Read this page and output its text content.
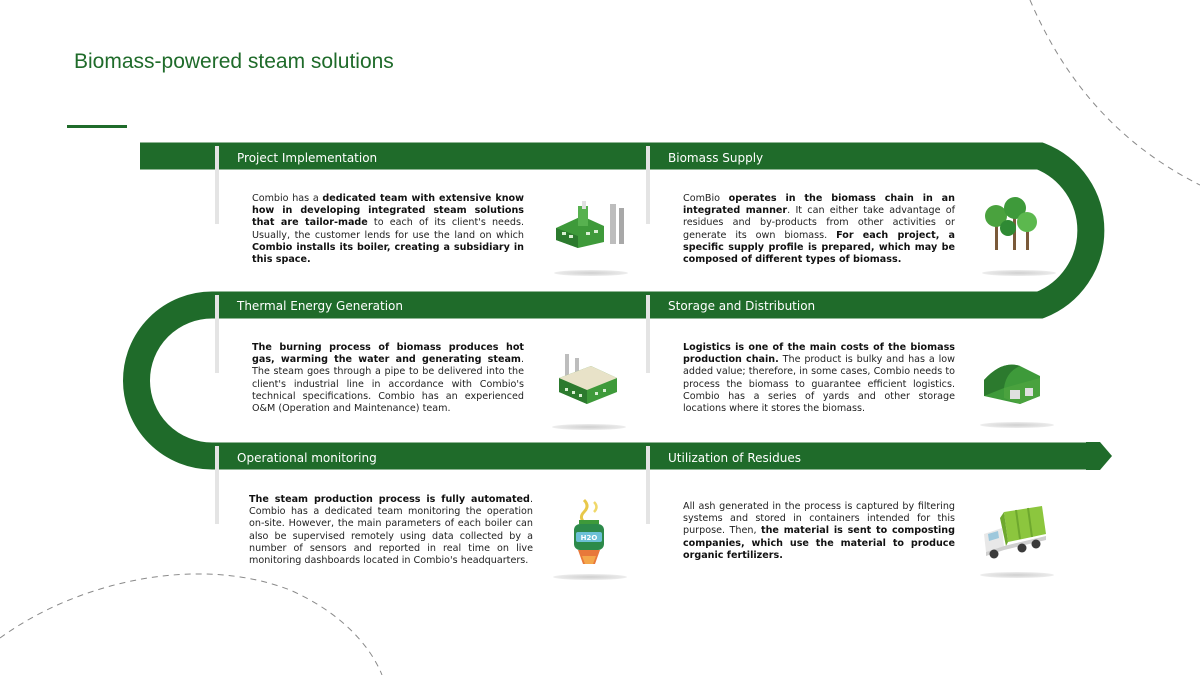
Biomass-powered steam solutions
Project Implementation	Biomass Supply
Thermal Energy Generation	Storage and Distribution
Operational monitoring	Utilization of Residues
Combio has a dedicated team with extensive know how in developing integrated steam solutions that are tailor-made to each of its client's needs. Usually, the customer lends for use the land on which Combio installs its boiler, creating a subsidiary in this space.
ComBio operates in the biomass chain in an integrated manner. It can either take advantage of residues and by-products from other activities or generate its own biomass. For each project, a specific supply profile is prepared, which may be composed of different types of biomass.
The burning process of biomass produces hot gas, warming the water and generating steam. The steam goes through a pipe to be delivered into the client's industrial line in accordance with Combio's technical specifications. Combio has an experienced O&M (Operation and Maintenance) team.
Logistics is one of the main costs of the biomass production chain. The product is bulky and has a low added value; therefore, in some cases, Combio needs to process the biomass to guarantee efficient logistics. Combio has a series of yards and other storage locations where it stores the biomass.
The steam production process is fully automated. Combio has a dedicated team monitoring the operation on-site. However, the main parameters of each boiler can also be supervised remotely using data collected by a number of sensors and reported in real time on live monitoring dashboards located in Combio's headquarters.
All ash generated in the process is captured by filtering systems and stored in containers intended for this purpose. Then, the material is sent to composting companies, which use the material to produce organic fertilizers.
H2O
